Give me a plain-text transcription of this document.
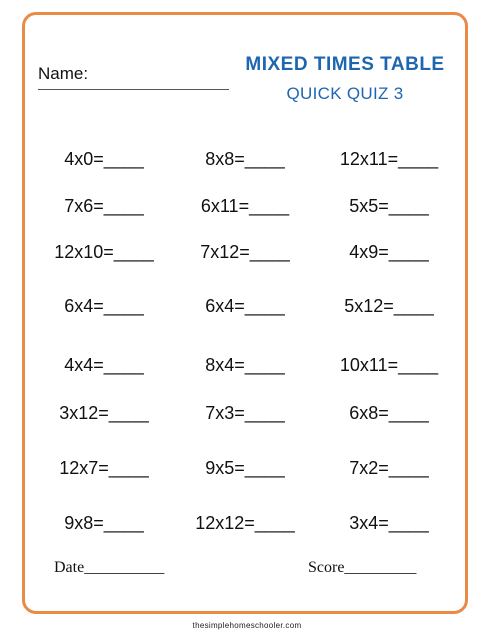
Name:	MIXED TIMES TABLE
QUICK QUIZ 3
4x0=____	8x8=____	12x11=____
7x6=____	6x11=____	5x5=____
12x10=____	7x12=____	4x9=____
6x4=____	6x4=____	5x12=____
4x4=____	8x4=____	10x11=____
3x12=____	7x3=____	6x8=____
12x7=____	9x5=____	7x2=____
9x8=____	12x12=____	3x4=____
Date__________	Score_________
thesimplehomeschooler.com
